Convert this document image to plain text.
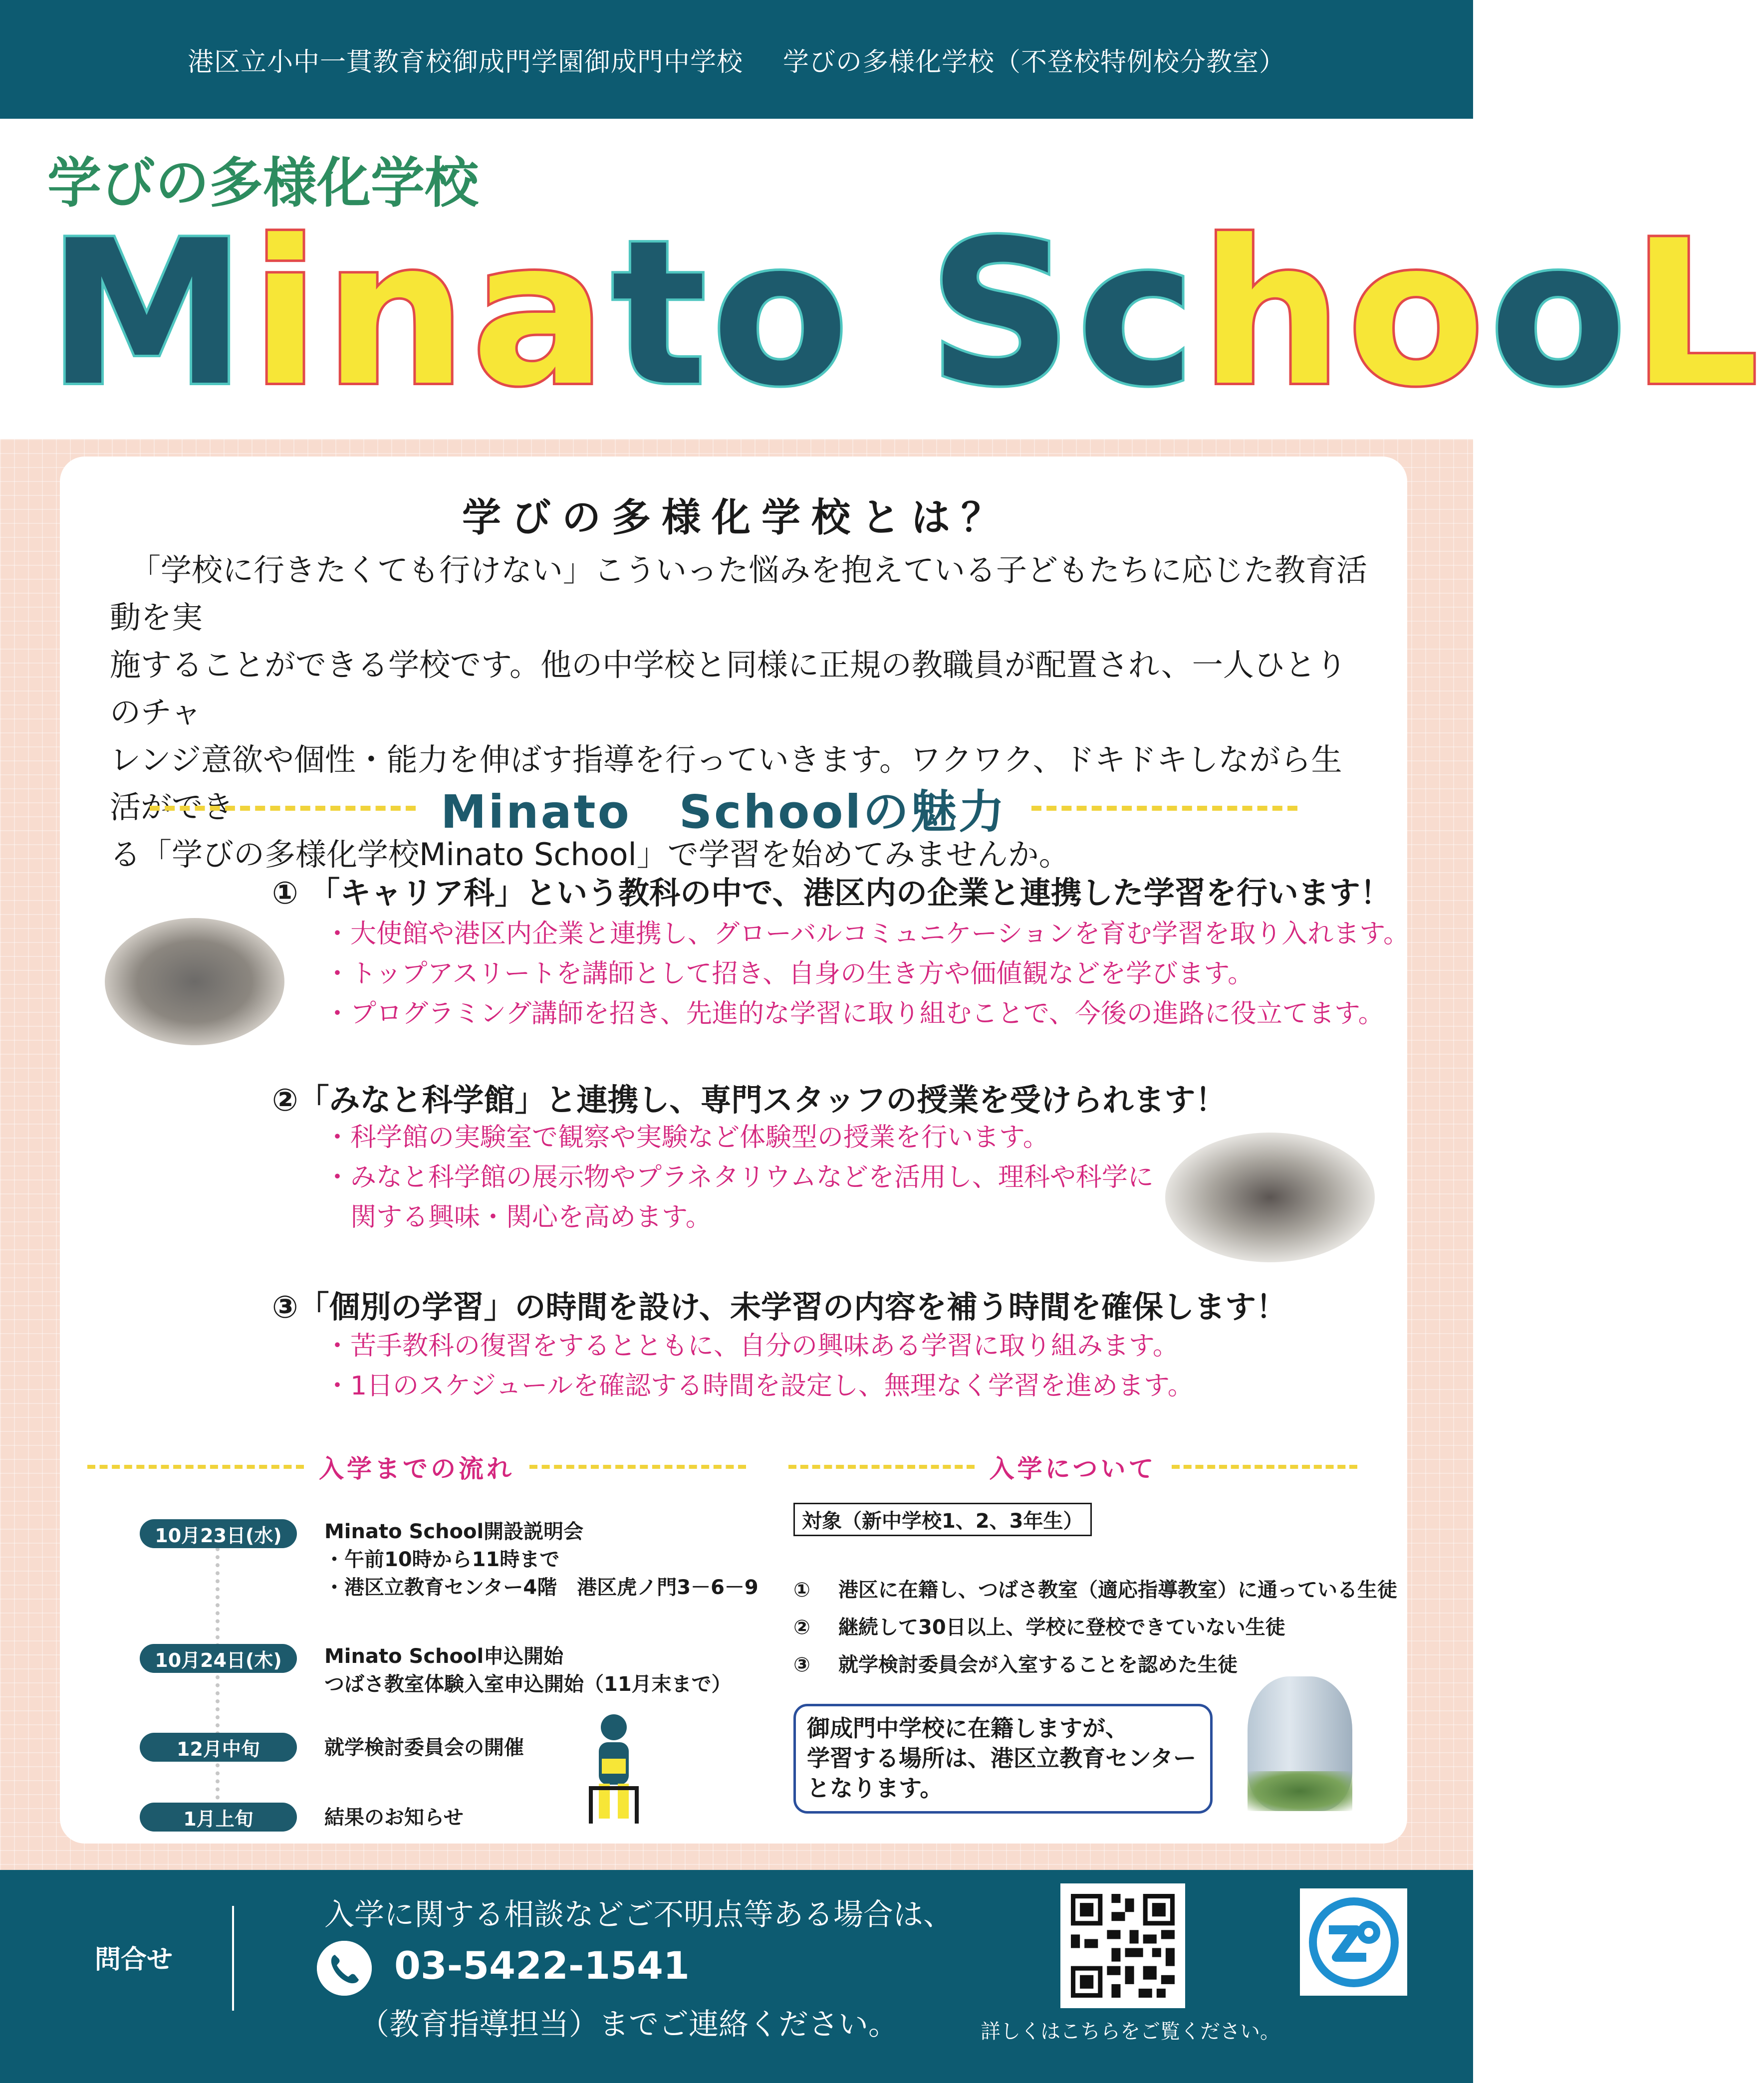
港区立小中一貫教育校御成門学園御成門中学校 学びの多様化学校（不登校特例校分教室）
学びの多様化学校
Minato SchooL
学びの多様化学校とは？
「学校に行きたくても行けない」こういった悩みを抱えている子どもたちに応じた教育活動を実
施することができる学校です。他の中学校と同様に正規の教職員が配置され、一人ひとりのチャ
レンジ意欲や個性・能力を伸ばす指導を行っていきます。ワクワク、ドキドキしながら生活ができ
る「学びの多様化学校Minato School」で学習を始めてみませんか。
Minato　Schoolの魅力
① 「キャリア科」という教科の中で、港区内の企業と連携した学習を行います！
・大使館や港区内企業と連携し、グローバルコミュニケーションを育む学習を取り入れます。
・トップアスリートを講師として招き、自身の生き方や価値観などを学びます。
・プログラミング講師を招き、先進的な学習に取り組むことで、今後の進路に役立てます。
②「みなと科学館」と連携し、専門スタッフの授業を受けられます！
・科学館の実験室で観察や実験など体験型の授業を行います。
・みなと科学館の展示物やプラネタリウムなどを活用し、理科や科学に
　関する興味・関心を高めます。
③「個別の学習」の時間を設け、未学習の内容を補う時間を確保します！
・苦手教科の復習をするとともに、自分の興味ある学習に取り組みます。
・1日のスケジュールを確認する時間を設定し、無理なく学習を進めます。
入学までの流れ	入学について
10月23日(水)	Minato School開設説明会
・午前10時から11時まで
・港区立教育センター4階　港区虎ノ門3－6－9
10月24日(木)	Minato School申込開始
つばさ教室体験入室申込開始（11月末まで）
12月中旬	就学検討委員会の開催
1月上旬	結果のお知らせ
対象（新中学校1、2、3年生）
① 港区に在籍し、つばさ教室（適応指導教室）に通っている生徒
② 継続して30日以上、学校に登校できていない生徒
③ 就学検討委員会が入室することを認めた生徒
御成門中学校に在籍しますが、
学習する場所は、港区立教育センター
となります。
問合せ
入学に関する相談などご不明点等ある場合は、
03-5422-1541
（教育指導担当）までご連絡ください。	詳しくはこちらをご覧ください。
